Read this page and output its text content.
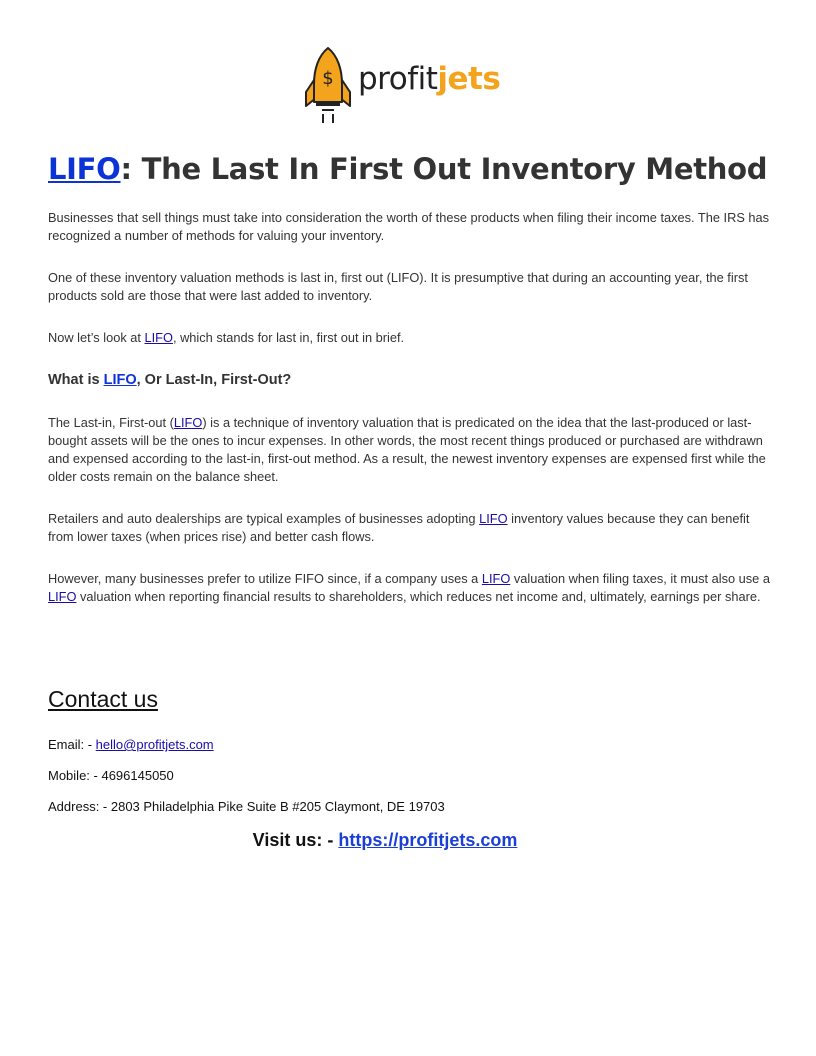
$ profitjets
LIFO: The Last In First Out Inventory Method

Businesses that sell things must take into consideration the worth of these products when filing their income taxes. The IRS has recognized a number of methods for valuing your inventory.

One of these inventory valuation methods is last in, first out (LIFO). It is presumptive that during an accounting year, the first products sold are those that were last added to inventory.

Now let’s look at LIFO, which stands for last in, first out in brief.

What is LIFO, Or Last-In, First-Out?

The Last-in, First-out (LIFO) is a technique of inventory valuation that is predicated on the idea that the last-produced or last-bought assets will be the ones to incur expenses. In other words, the most recent things produced or purchased are withdrawn and expensed according to the last-in, first-out method. As a result, the newest inventory expenses are expensed first while the older costs remain on the balance sheet.

Retailers and auto dealerships are typical examples of businesses adopting LIFO inventory values because they can benefit from lower taxes (when prices rise) and better cash flows.

However, many businesses prefer to utilize FIFO since, if a company uses a LIFO valuation when filing taxes, it must also use a LIFO valuation when reporting financial results to shareholders, which reduces net income and, ultimately, earnings per share.

Contact us

Email: - hello@profitjets.com

Mobile: - 4696145050

Address: - 2803 Philadelphia Pike Suite B #205 Claymont, DE 19703

Visit us: - https://profitjets.com
